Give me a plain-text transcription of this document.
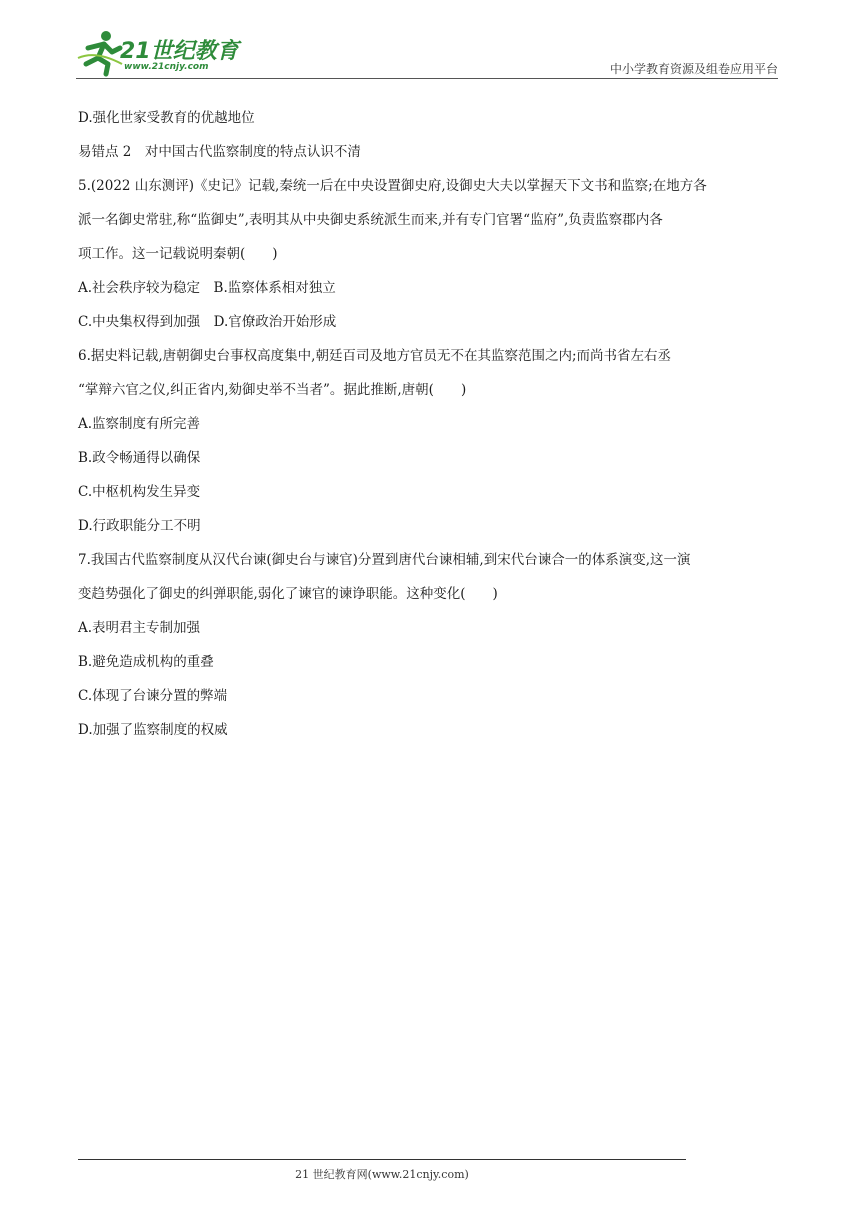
21世纪教育
www.21cnjy.com	中小学教育资源及组卷应用平台
D.强化世家受教育的优越地位
易错点 2　对中国古代监察制度的特点认识不清
5.(2022 山东测评)《史记》记载,秦统一后在中央设置御史府,设御史大夫以掌握天下文书和监察;在地方各
派一名御史常驻,称“监御史”,表明其从中央御史系统派生而来,并有专门官署“监府”,负责监察郡内各
项工作。这一记载说明秦朝(　　)
A.社会秩序较为稳定　B.监察体系相对独立
C.中央集权得到加强　D.官僚政治开始形成
6.据史料记载,唐朝御史台事权高度集中,朝廷百司及地方官员无不在其监察范围之内;而尚书省左右丞
“掌辩六官之仪,纠正省内,劾御史举不当者”。据此推断,唐朝(　　)
A.监察制度有所完善
B.政令畅通得以确保
C.中枢机构发生异变
D.行政职能分工不明
7.我国古代监察制度从汉代台谏(御史台与谏官)分置到唐代台谏相辅,到宋代台谏合一的体系演变,这一演
变趋势强化了御史的纠弹职能,弱化了谏官的谏诤职能。这种变化(　　)
A.表明君主专制加强
B.避免造成机构的重叠
C.体现了台谏分置的弊端
D.加强了监察制度的权威
21 世纪教育网(www.21cnjy.com)
